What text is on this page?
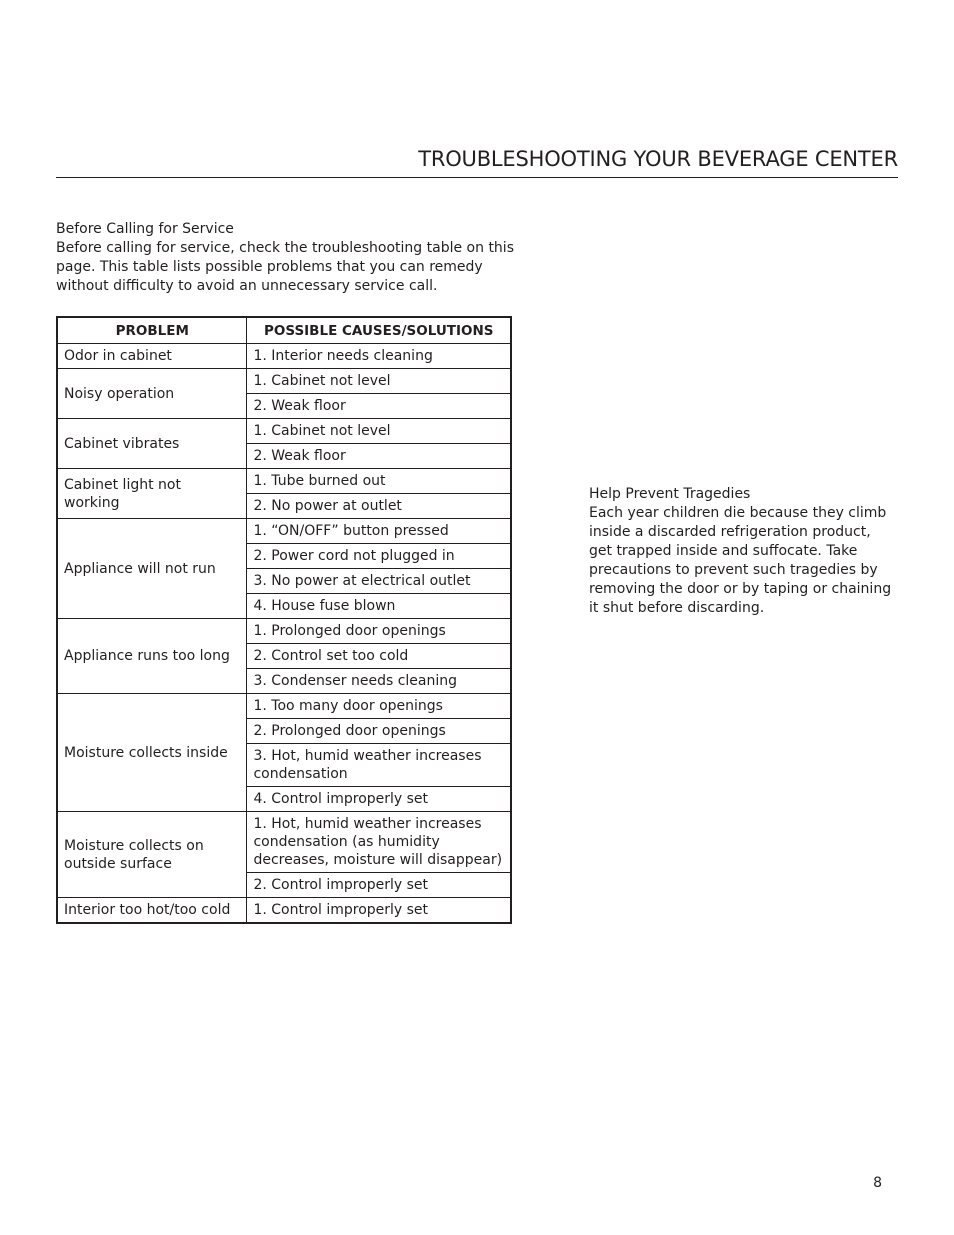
TROUBLESHOOTING YOUR BEVERAGE CENTER

Before Calling for Service

Before calling for service, check the troubleshooting table on this page. This table lists possible problems that you can remedy without difficulty to avoid an unnecessary service call.

PROBLEM	POSSIBLE CAUSES/SOLUTIONS
Odor in cabinet	1. Interior needs cleaning
Noisy operation	1. Cabinet not level
	2. Weak floor
Cabinet vibrates	1. Cabinet not level
	2. Weak floor
Cabinet light not working	1. Tube burned out
	2. No power at outlet
Appliance will not run	1. “ON/OFF” button pressed
	2. Power cord not plugged in
	3. No power at electrical outlet
	4. House fuse blown
Appliance runs too long	1. Prolonged door openings
	2. Control set too cold
	3. Condenser needs cleaning
Moisture collects inside	1. Too many door openings
	2. Prolonged door openings
	3. Hot, humid weather increases condensation
	4. Control improperly set
Moisture collects on outside surface	1. Hot, humid weather increases condensation (as humidity decreases, moisture will disappear)
	2. Control improperly set
Interior too hot/too cold	1. Control improperly set

Help Prevent Tragedies

Each year children die because they climb inside a discarded refrigeration product, get trapped inside and suffocate. Take precautions to prevent such tragedies by removing the door or by taping or chaining it shut before discarding.

8
